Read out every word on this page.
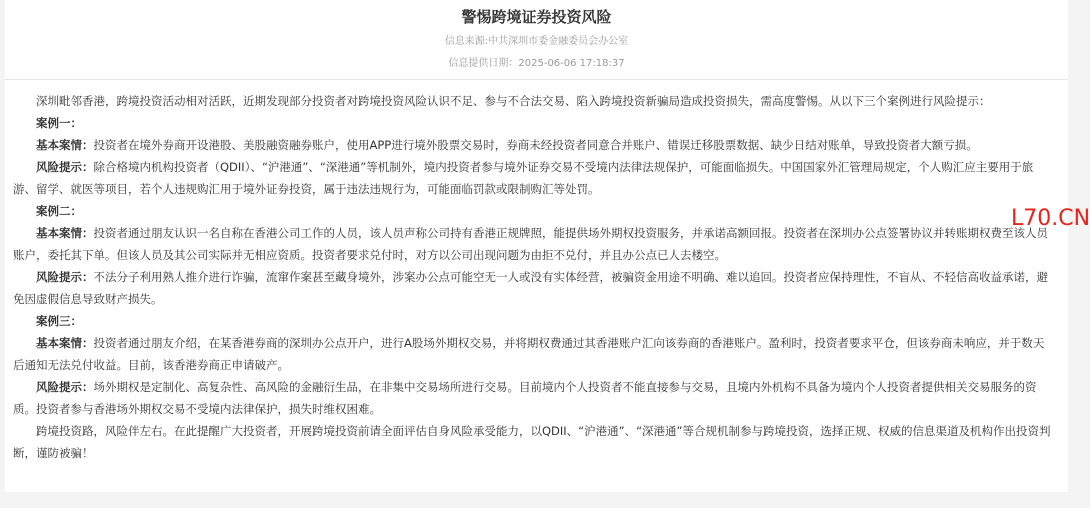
警惕跨境证券投资风险
信息来源:中共深圳市委金融委员会办公室
信息提供日期：2025-06-06 17:18:37

深圳毗邻香港，跨境投资活动相对活跃，近期发现部分投资者对跨境投资风险认识不足、参与不合法交易、陷入跨境投资新骗局造成投资损失，需高度警惕。从以下三个案例进行风险提示：

案例一：

基本案情：投资者在境外券商开设港股、美股融资融券账户，使用APP进行境外股票交易时，券商未经投资者同意合并账户、错误迁移股票数据、缺少日结对账单，导致投资者大额亏损。

风险提示：除合格境内机构投资者（QDII）、“沪港通”、“深港通”等机制外，境内投资者参与境外证券交易不受境内法律法规保护，可能面临损失。中国国家外汇管理局规定，个人购汇应主要用于旅游、留学、就医等项目，若个人违规购汇用于境外证券投资，属于违法违规行为，可能面临罚款或限制购汇等处罚。

案例二：

基本案情：投资者通过朋友认识一名自称在香港公司工作的人员，该人员声称公司持有香港正规牌照，能提供场外期权投资服务，并承诺高额回报。投资者在深圳办公点签署协议并转账期权费至该人员账户，委托其下单。但该人员及其公司实际并无相应资质。投资者要求兑付时，对方以公司出现问题为由拒不兑付，并且办公点已人去楼空。

风险提示：不法分子利用熟人推介进行诈骗，流窜作案甚至藏身境外，涉案办公点可能空无一人或没有实体经营，被骗资金用途不明确、难以追回。投资者应保持理性，不盲从、不轻信高收益承诺，避免因虚假信息导致财产损失。

案例三：

基本案情：投资者通过朋友介绍，在某香港券商的深圳办公点开户，进行A股场外期权交易，并将期权费通过其香港账户汇向该券商的香港账户。盈利时，投资者要求平仓，但该券商未响应，并于数天后通知无法兑付收益。目前，该香港券商正申请破产。

风险提示：场外期权是定制化、高复杂性、高风险的金融衍生品，在非集中交易场所进行交易。目前境内个人投资者不能直接参与交易，且境内外机构不具备为境内个人投资者提供相关交易服务的资质。投资者参与香港场外期权交易不受境内法律保护，损失时维权困难。

跨境投资路，风险伴左右。在此提醒广大投资者，开展跨境投资前请全面评估自身风险承受能力，以QDII、“沪港通”、“深港通”等合规机制参与跨境投资，选择正规、权威的信息渠道及机构作出投资判断，谨防被骗！

L70.CN
